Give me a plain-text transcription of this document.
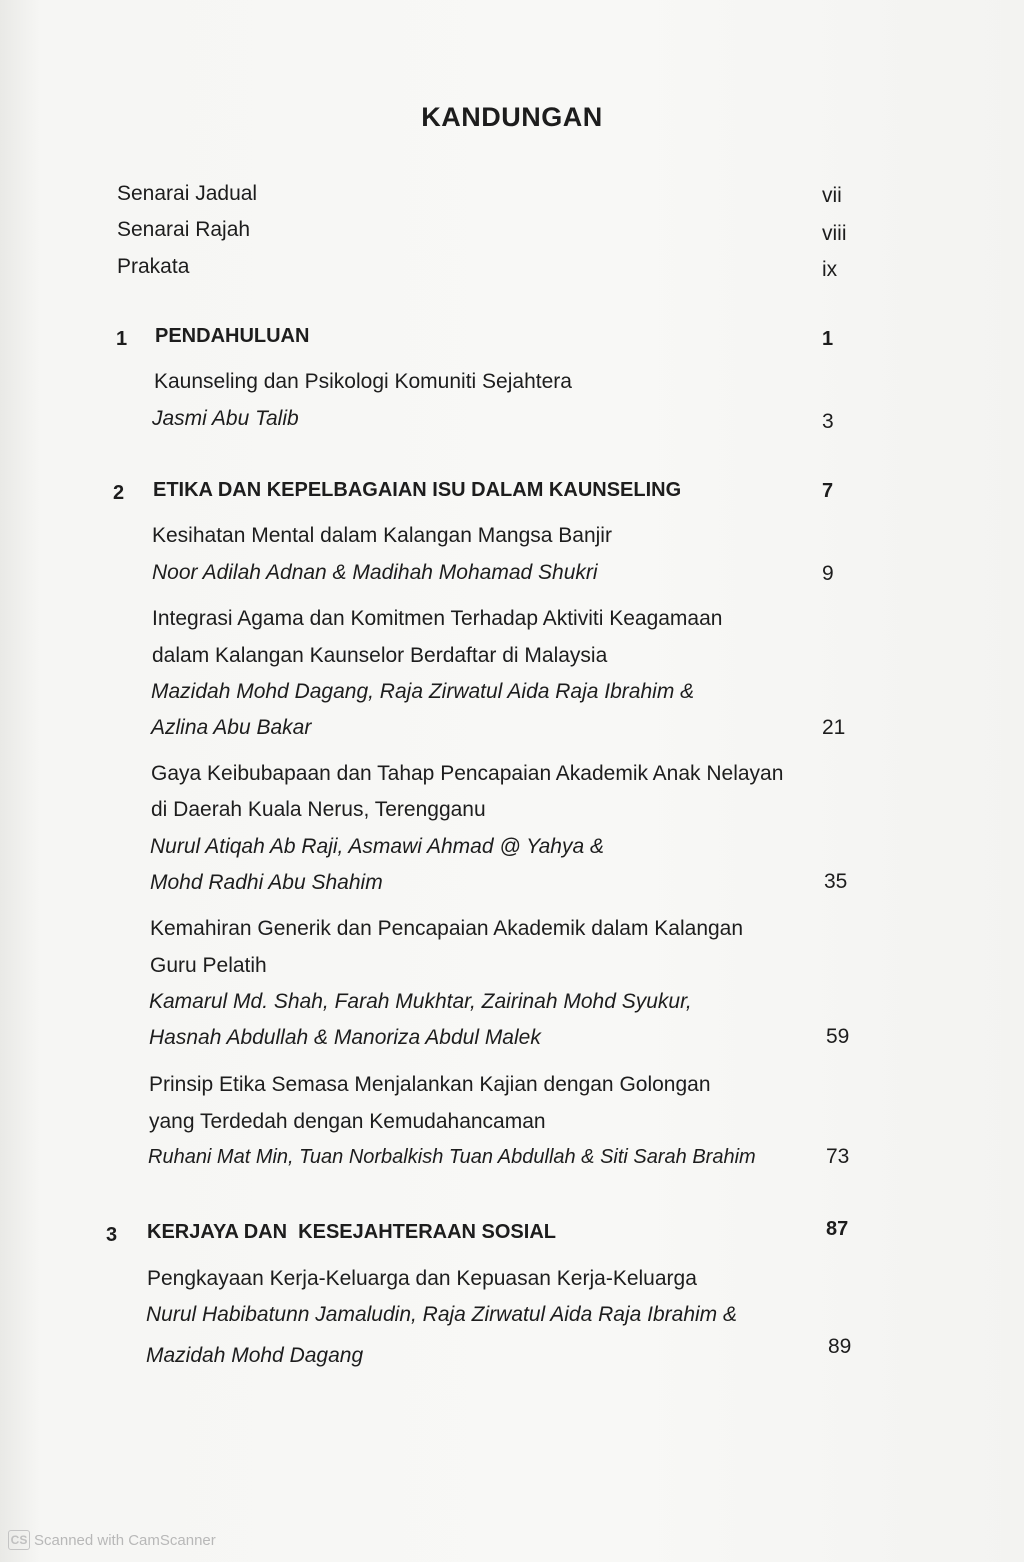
KANDUNGAN
Senarai Jadual	vii
Senarai Rajah	viii
Prakata	ix
1 PENDAHULUAN	1
Kaunseling dan Psikologi Komuniti Sejahtera
Jasmi Abu Talib	3
2 ETIKA DAN KEPELBAGAIAN ISU DALAM KAUNSELING	7
Kesihatan Mental dalam Kalangan Mangsa Banjir
Noor Adilah Adnan & Madihah Mohamad Shukri	9
Integrasi Agama dan Komitmen Terhadap Aktiviti Keagamaan
dalam Kalangan Kaunselor Berdaftar di Malaysia
Mazidah Mohd Dagang, Raja Zirwatul Aida Raja Ibrahim &
Azlina Abu Bakar	21
Gaya Keibubapaan dan Tahap Pencapaian Akademik Anak Nelayan
di Daerah Kuala Nerus, Terengganu
Nurul Atiqah Ab Raji, Asmawi Ahmad @ Yahya &
Mohd Radhi Abu Shahim	35
Kemahiran Generik dan Pencapaian Akademik dalam Kalangan
Guru Pelatih
Kamarul Md. Shah, Farah Mukhtar, Zairinah Mohd Syukur,
Hasnah Abdullah & Manoriza Abdul Malek	59
Prinsip Etika Semasa Menjalankan Kajian dengan Golongan
yang Terdedah dengan Kemudahancaman
Ruhani Mat Min, Tuan Norbalkish Tuan Abdullah & Siti Sarah Brahim	73
3 KERJAYA DAN  KESEJAHTERAAN SOSIAL	87
Pengkayaan Kerja-Keluarga dan Kepuasan Kerja-Keluarga
Nurul Habibatunn Jamaludin, Raja Zirwatul Aida Raja Ibrahim &
Mazidah Mohd Dagang	89
CS Scanned with CamScanner
